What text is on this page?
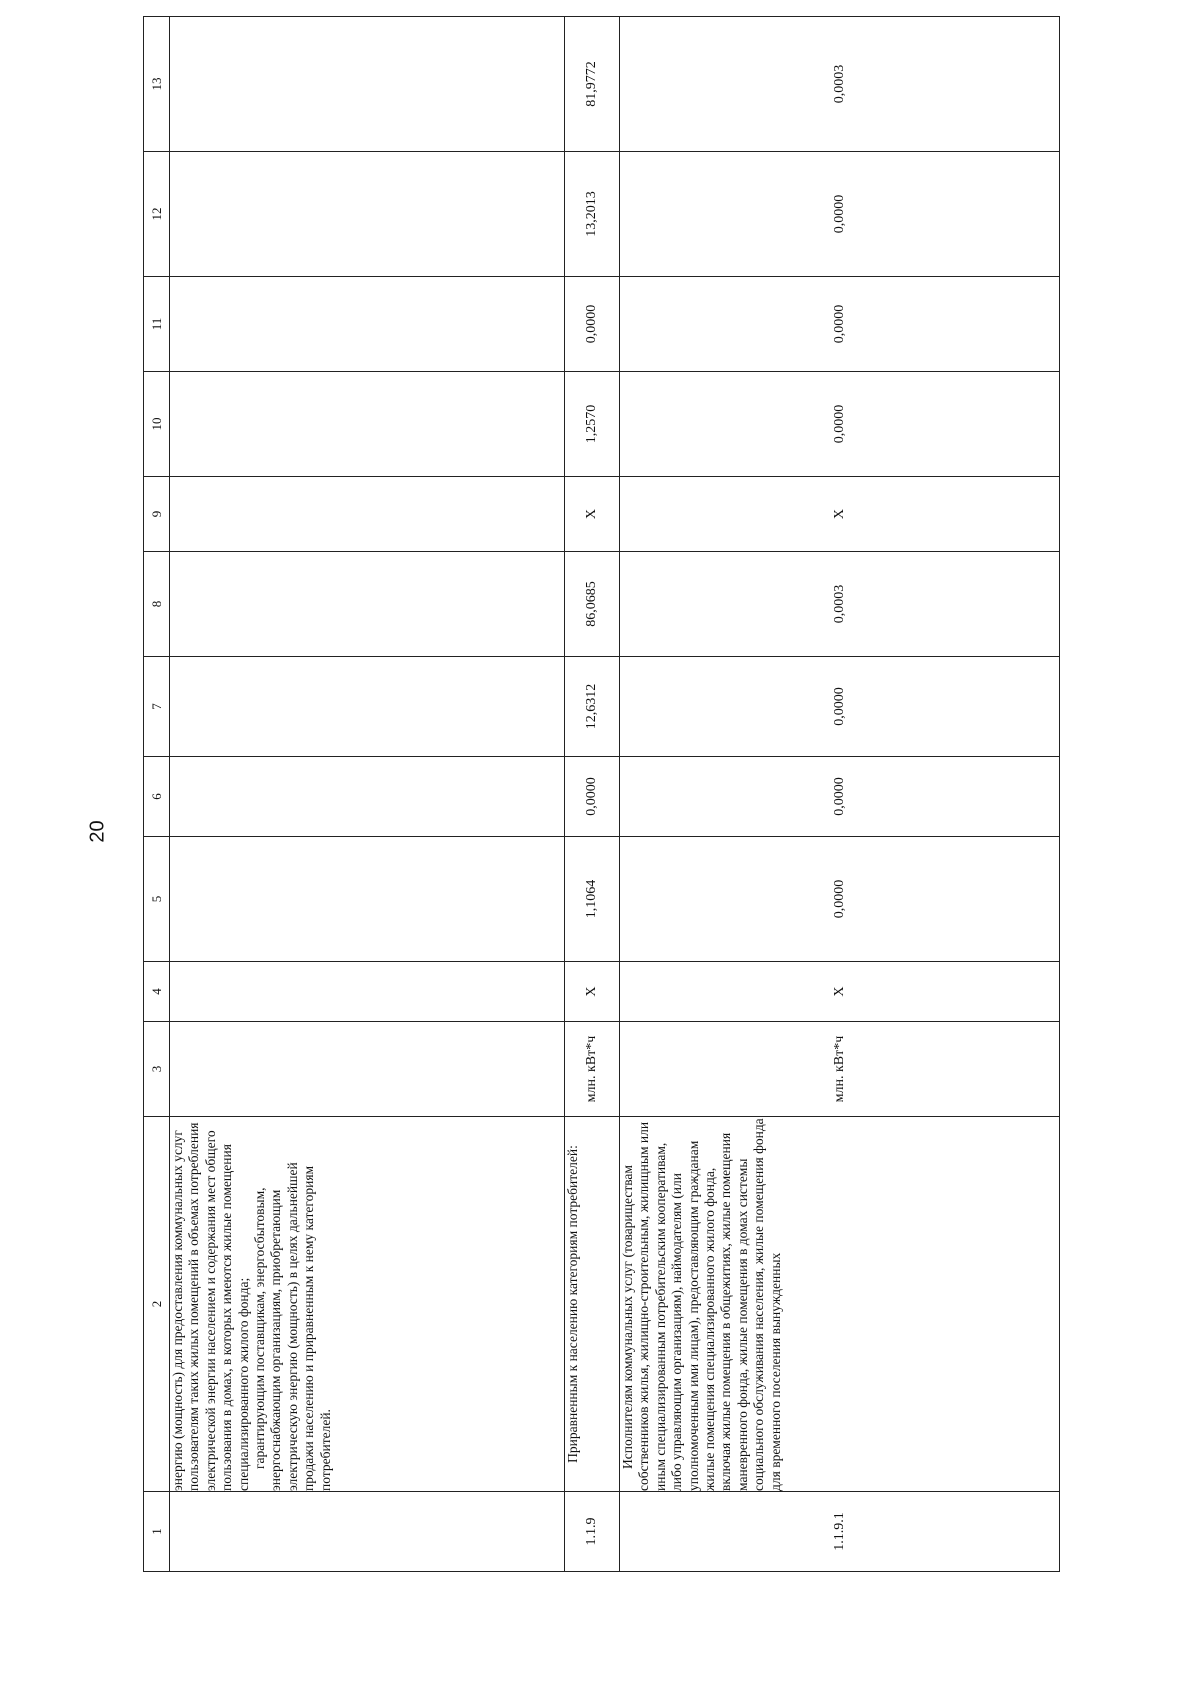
20
1	2	3	4	5	6	7	8	9	10	11	12	13

	энергию (мощность) для предоставления коммунальных услуг пользователям таких жилых помещений в объемах потребления электрической энергии населением и содержания мест общего пользования в домах, в которых имеются жилые помещения специализированного жилого фонда; гарантирующим поставщикам, энергосбытовым, энергоснабжающим организациям, приобретающим электрическую энергию (мощность) в целях дальнейшей продажи населению и приравненным к нему категориям потребителей.											

1.1.9	Приравненным к населению категориям потребителей:	млн. кВт*ч	Х	1,1064	0,0000	12,6312	86,0685	Х	1,2570	0,0000	13,2013	81,9772
1.1.9.1	Исполнителям коммунальных услуг (товариществам собственников жилья, жилищно-строительным, жилищным или иным специализированным потребительским кооперативам, либо управляющим организациям), наймодателям (или уполномоченным ими лицам), предоставляющим гражданам жилые помещения специализированного жилого фонда, включая жилые помещения в общежитиях, жилые помещения маневренного фонда, жилые помещения в домах системы социального обслуживания населения, жилые помещения фонда для временного поселения вынужденных	млн. кВт*ч	Х	0,0000	0,0000	0,0000	0,0003	Х	0,0000	0,0000	0,0000	0,0003
